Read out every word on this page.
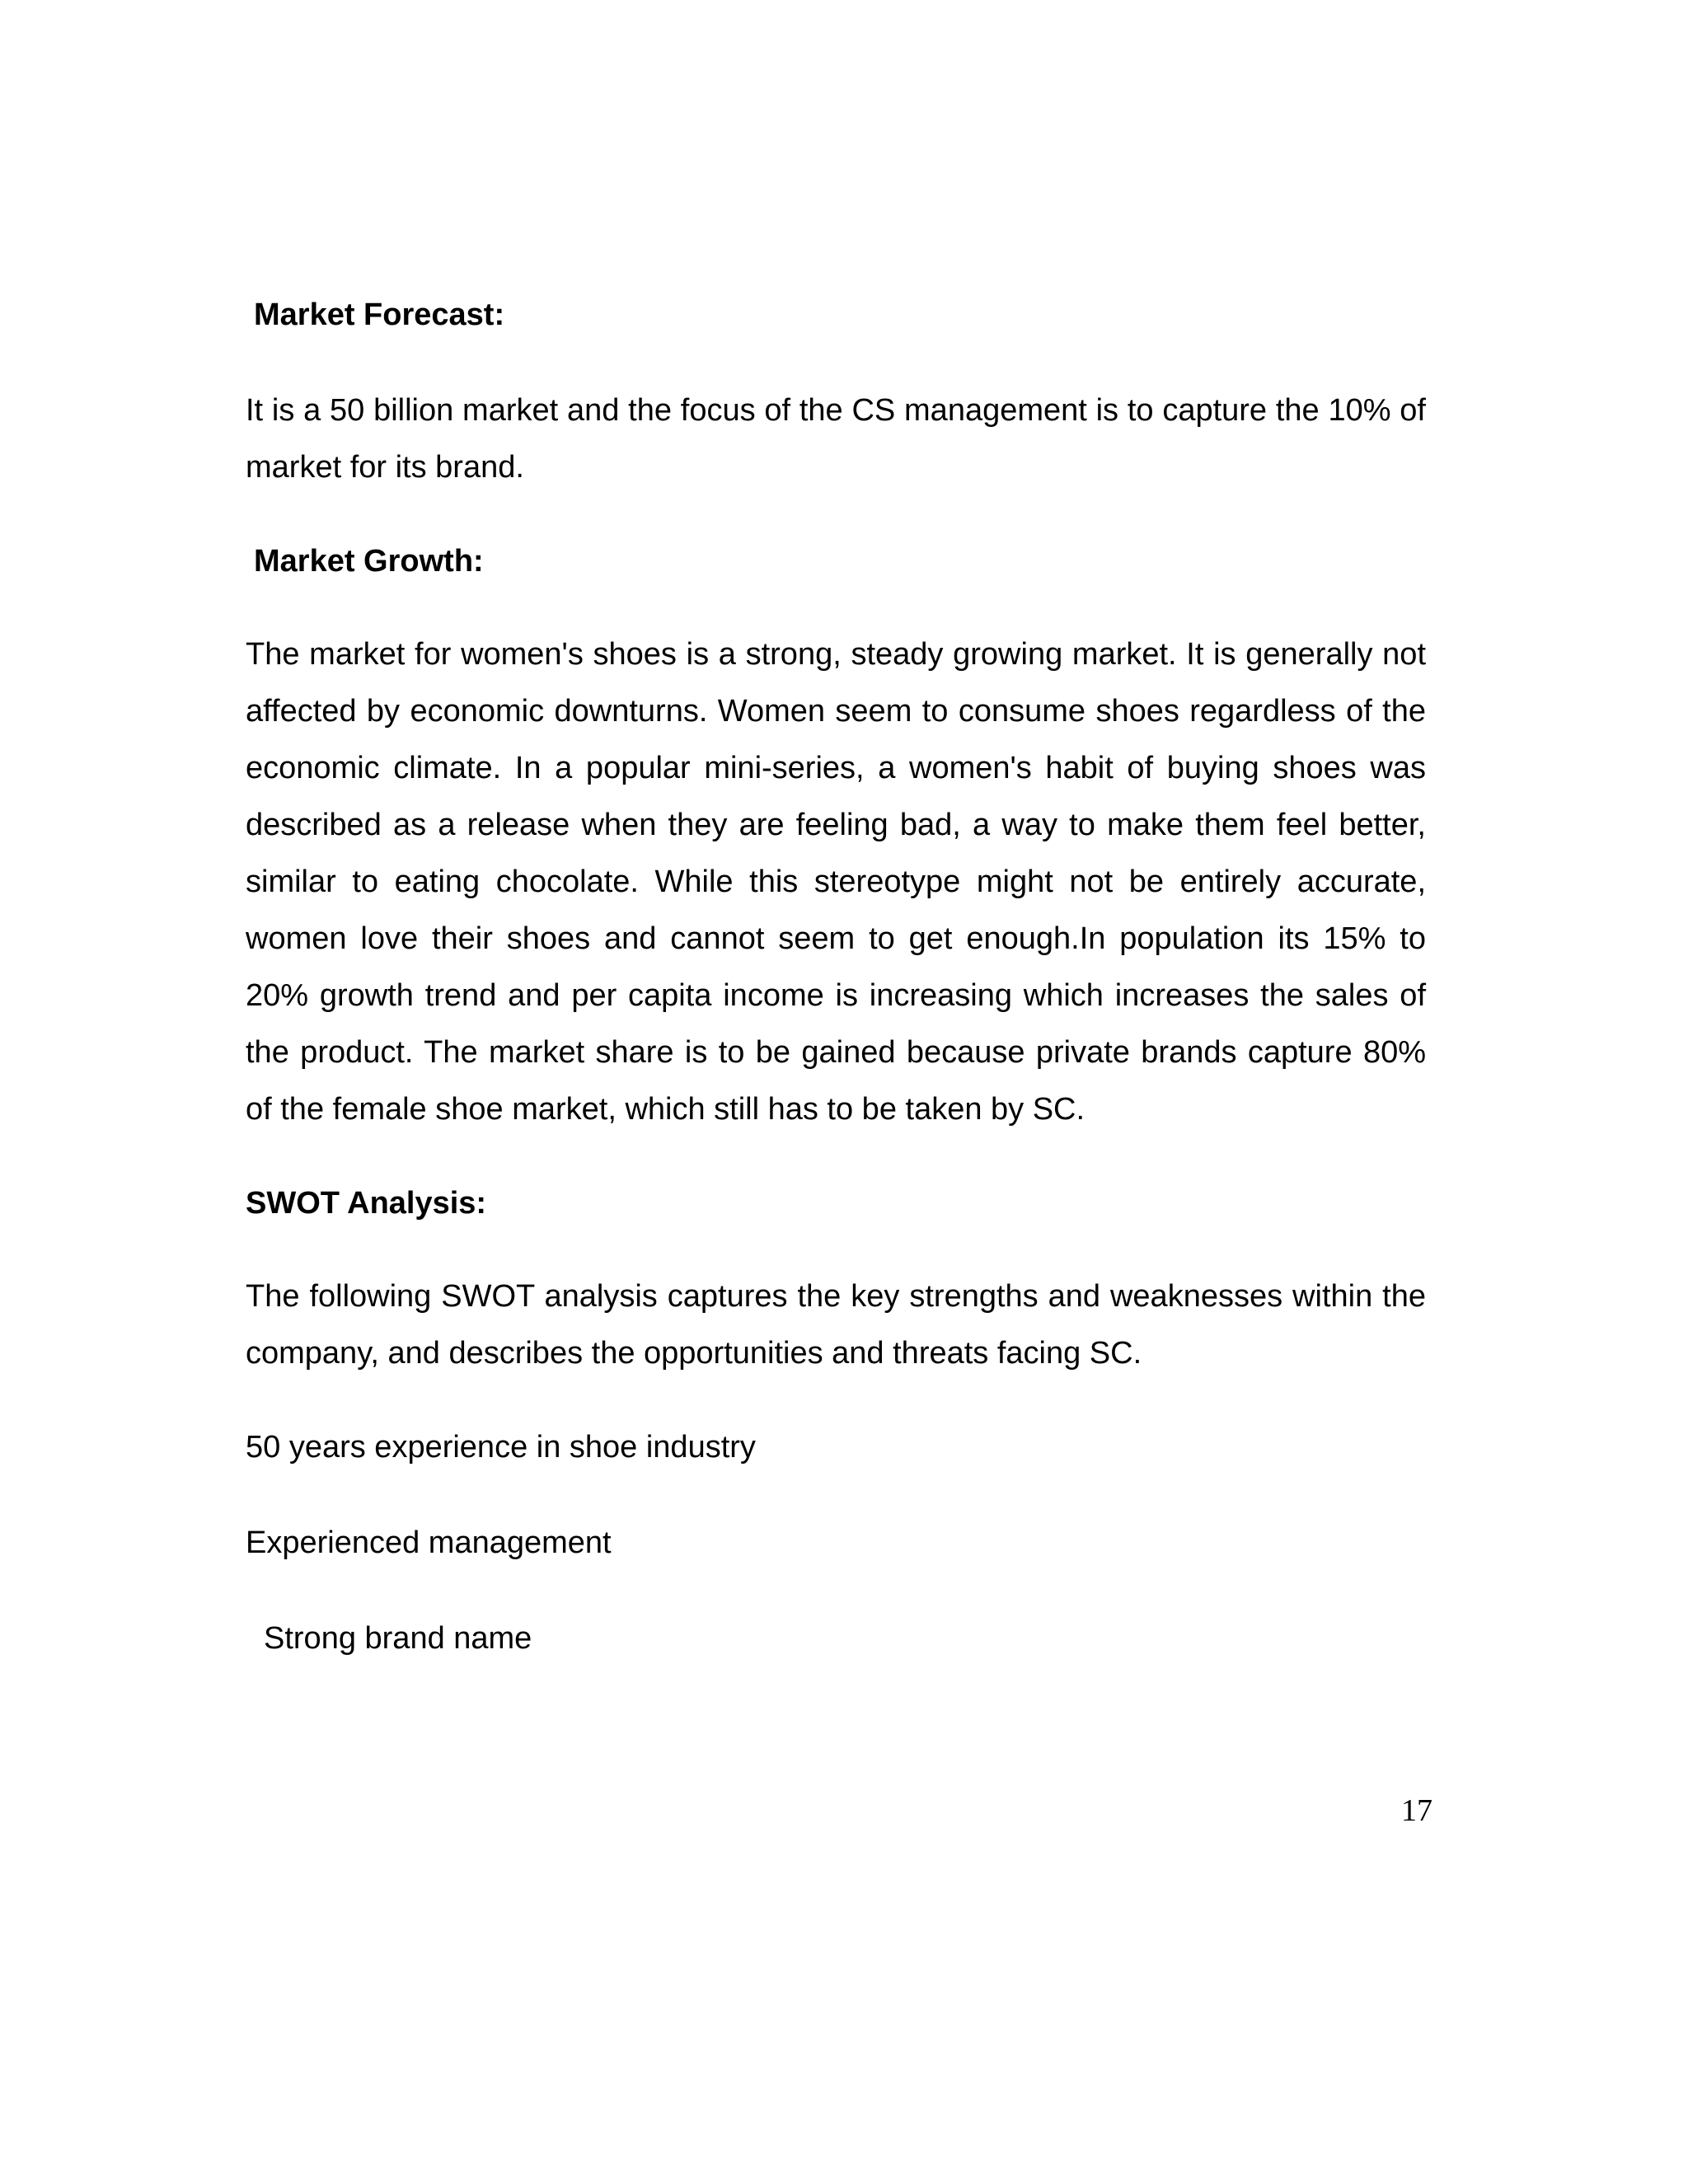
Market Forecast:

It is a 50 billion market and the focus of the CS management is to capture the 10% of market for its brand.

Market Growth:

The market for women's shoes is a strong, steady growing market. It is generally not affected by economic downturns. Women seem to consume shoes regardless of the economic climate. In a popular mini-series, a women's habit of buying shoes was described as a release when they are feeling bad, a way to make them feel better, similar to eating chocolate. While this stereotype might not be entirely accurate, women love their shoes and cannot seem to get enough.In population its 15% to 20% growth trend and per capita income is increasing which increases the sales of the product. The market share is to be gained because private brands capture 80% of the female shoe market, which still has to be taken by SC.

SWOT Analysis:

The following SWOT analysis captures the key strengths and weaknesses within the company, and describes the opportunities and threats facing SC.

50 years experience in shoe industry

Experienced management

Strong brand name

17
